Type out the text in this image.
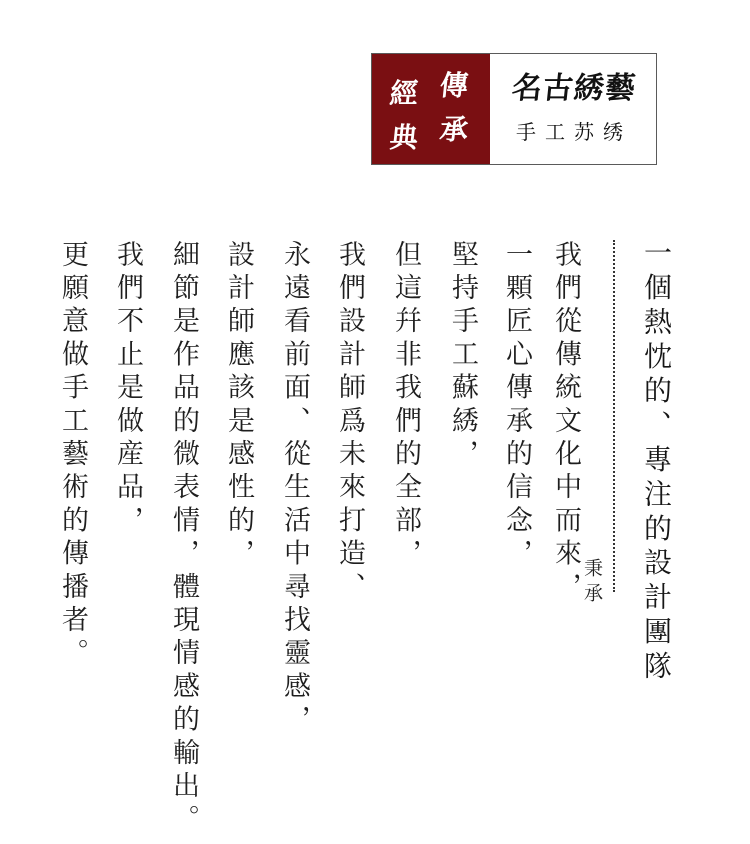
傳
承
經
典
名古綉藝
手工苏绣
一個熱忱的、專注的設計團隊
我們從傳統文化中而來， 秉承
一顆匠心傳承的信念，
堅持手工蘇綉，
但這幷非我們的全部，
我們設計師爲未來打造、
永遠看前面、從生活中尋找靈感，
設計師應該是感性的，
細節是作品的微表情，體現情感的輸出。
我們不止是做産品，
更願意做手工藝術的傳播者。
